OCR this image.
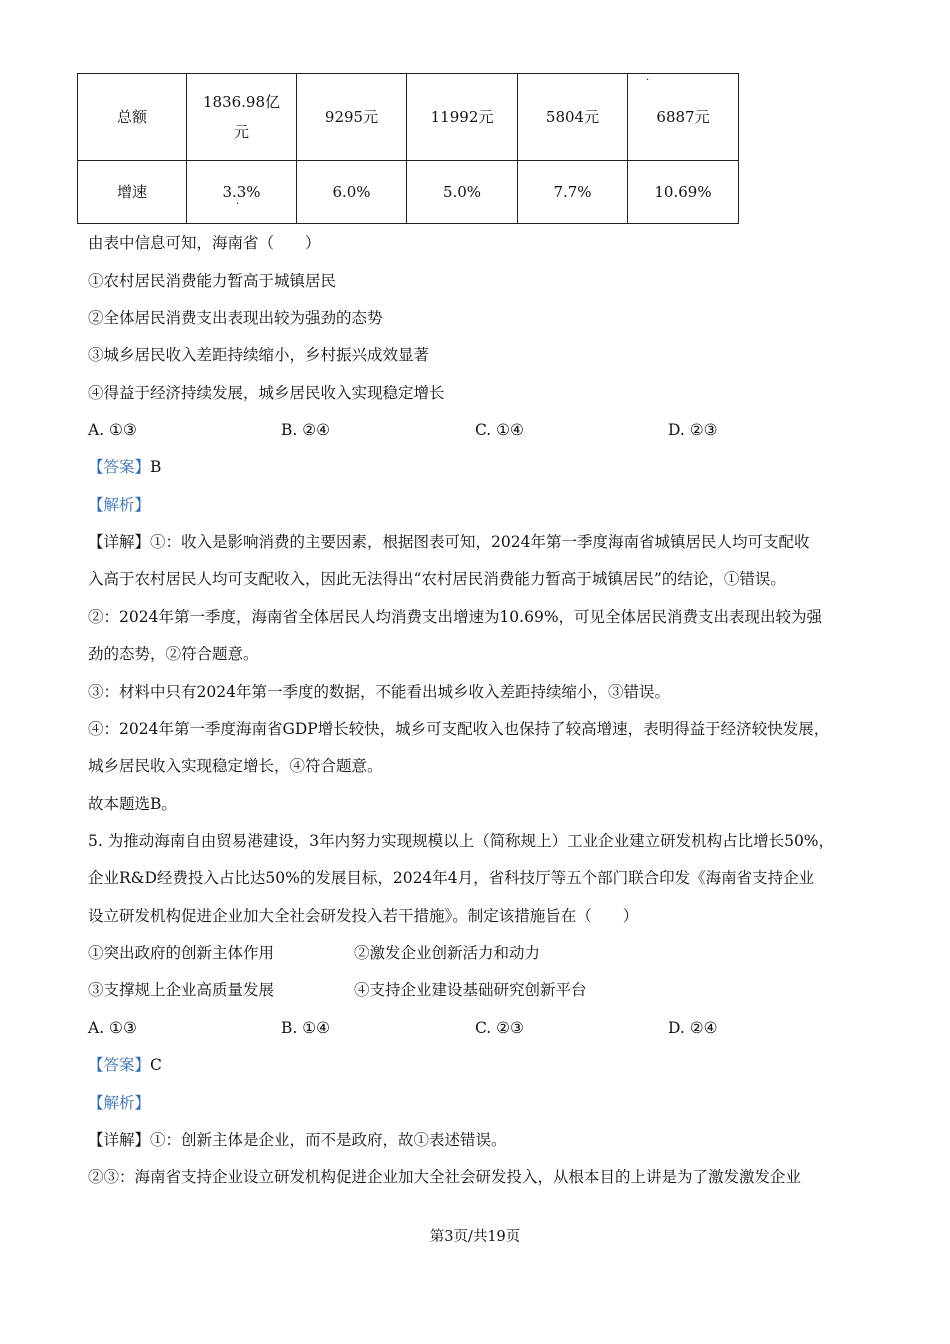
总额	1836.98亿元	9295元	11992元	5804元	6887元
增速	3.3%	6.0%	5.0%	7.7%	10.69%
·
·
由表中信息可知，海南省（　　）
①农村居民消费能力暂高于城镇居民
②全体居民消费支出表现出较为强劲的态势
③城乡居民收入差距持续缩小，乡村振兴成效显著
④得益于经济持续发展，城乡居民收入实现稳定增长
A. ①③	B. ②④	C. ①④	D. ②③
【答案】B
【解析】
【详解】①：收入是影响消费的主要因素，根据图表可知，2024年第一季度海南省城镇居民人均可支配收
入高于农村居民人均可支配收入，因此无法得出“农村居民消费能力暂高于城镇居民”的结论，①错误。
②：2024年第一季度，海南省全体居民人均消费支出增速为10.69%，可见全体居民消费支出表现出较为强
劲的态势，②符合题意。
③：材料中只有2024年第一季度的数据，不能看出城乡收入差距持续缩小，③错误。
④：2024年第一季度海南省GDP增长较快，城乡可支配收入也保持了较高增速，表明得益于经济较快发展，
城乡居民收入实现稳定增长，④符合题意。
故本题选B。
5. 为推动海南自由贸易港建设，3年内努力实现规模以上（简称规上）工业企业建立研发机构占比增长50%，
企业R&D经费投入占比达50%的发展目标，2024年4月，省科技厅等五个部门联合印发《海南省支持企业
设立研发机构促进企业加大全社会研发投入若干措施》。制定该措施旨在（　　）
①突出政府的创新主体作用	②激发企业创新活力和动力
③支撑规上企业高质量发展	④支持企业建设基础研究创新平台
A. ①③	B. ①④	C. ②③	D. ②④
【答案】C
【解析】
【详解】①：创新主体是企业，而不是政府，故①表述错误。
②③：海南省支持企业设立研发机构促进企业加大全社会研发投入，从根本目的上讲是为了激发激发企业
第3页/共19页
